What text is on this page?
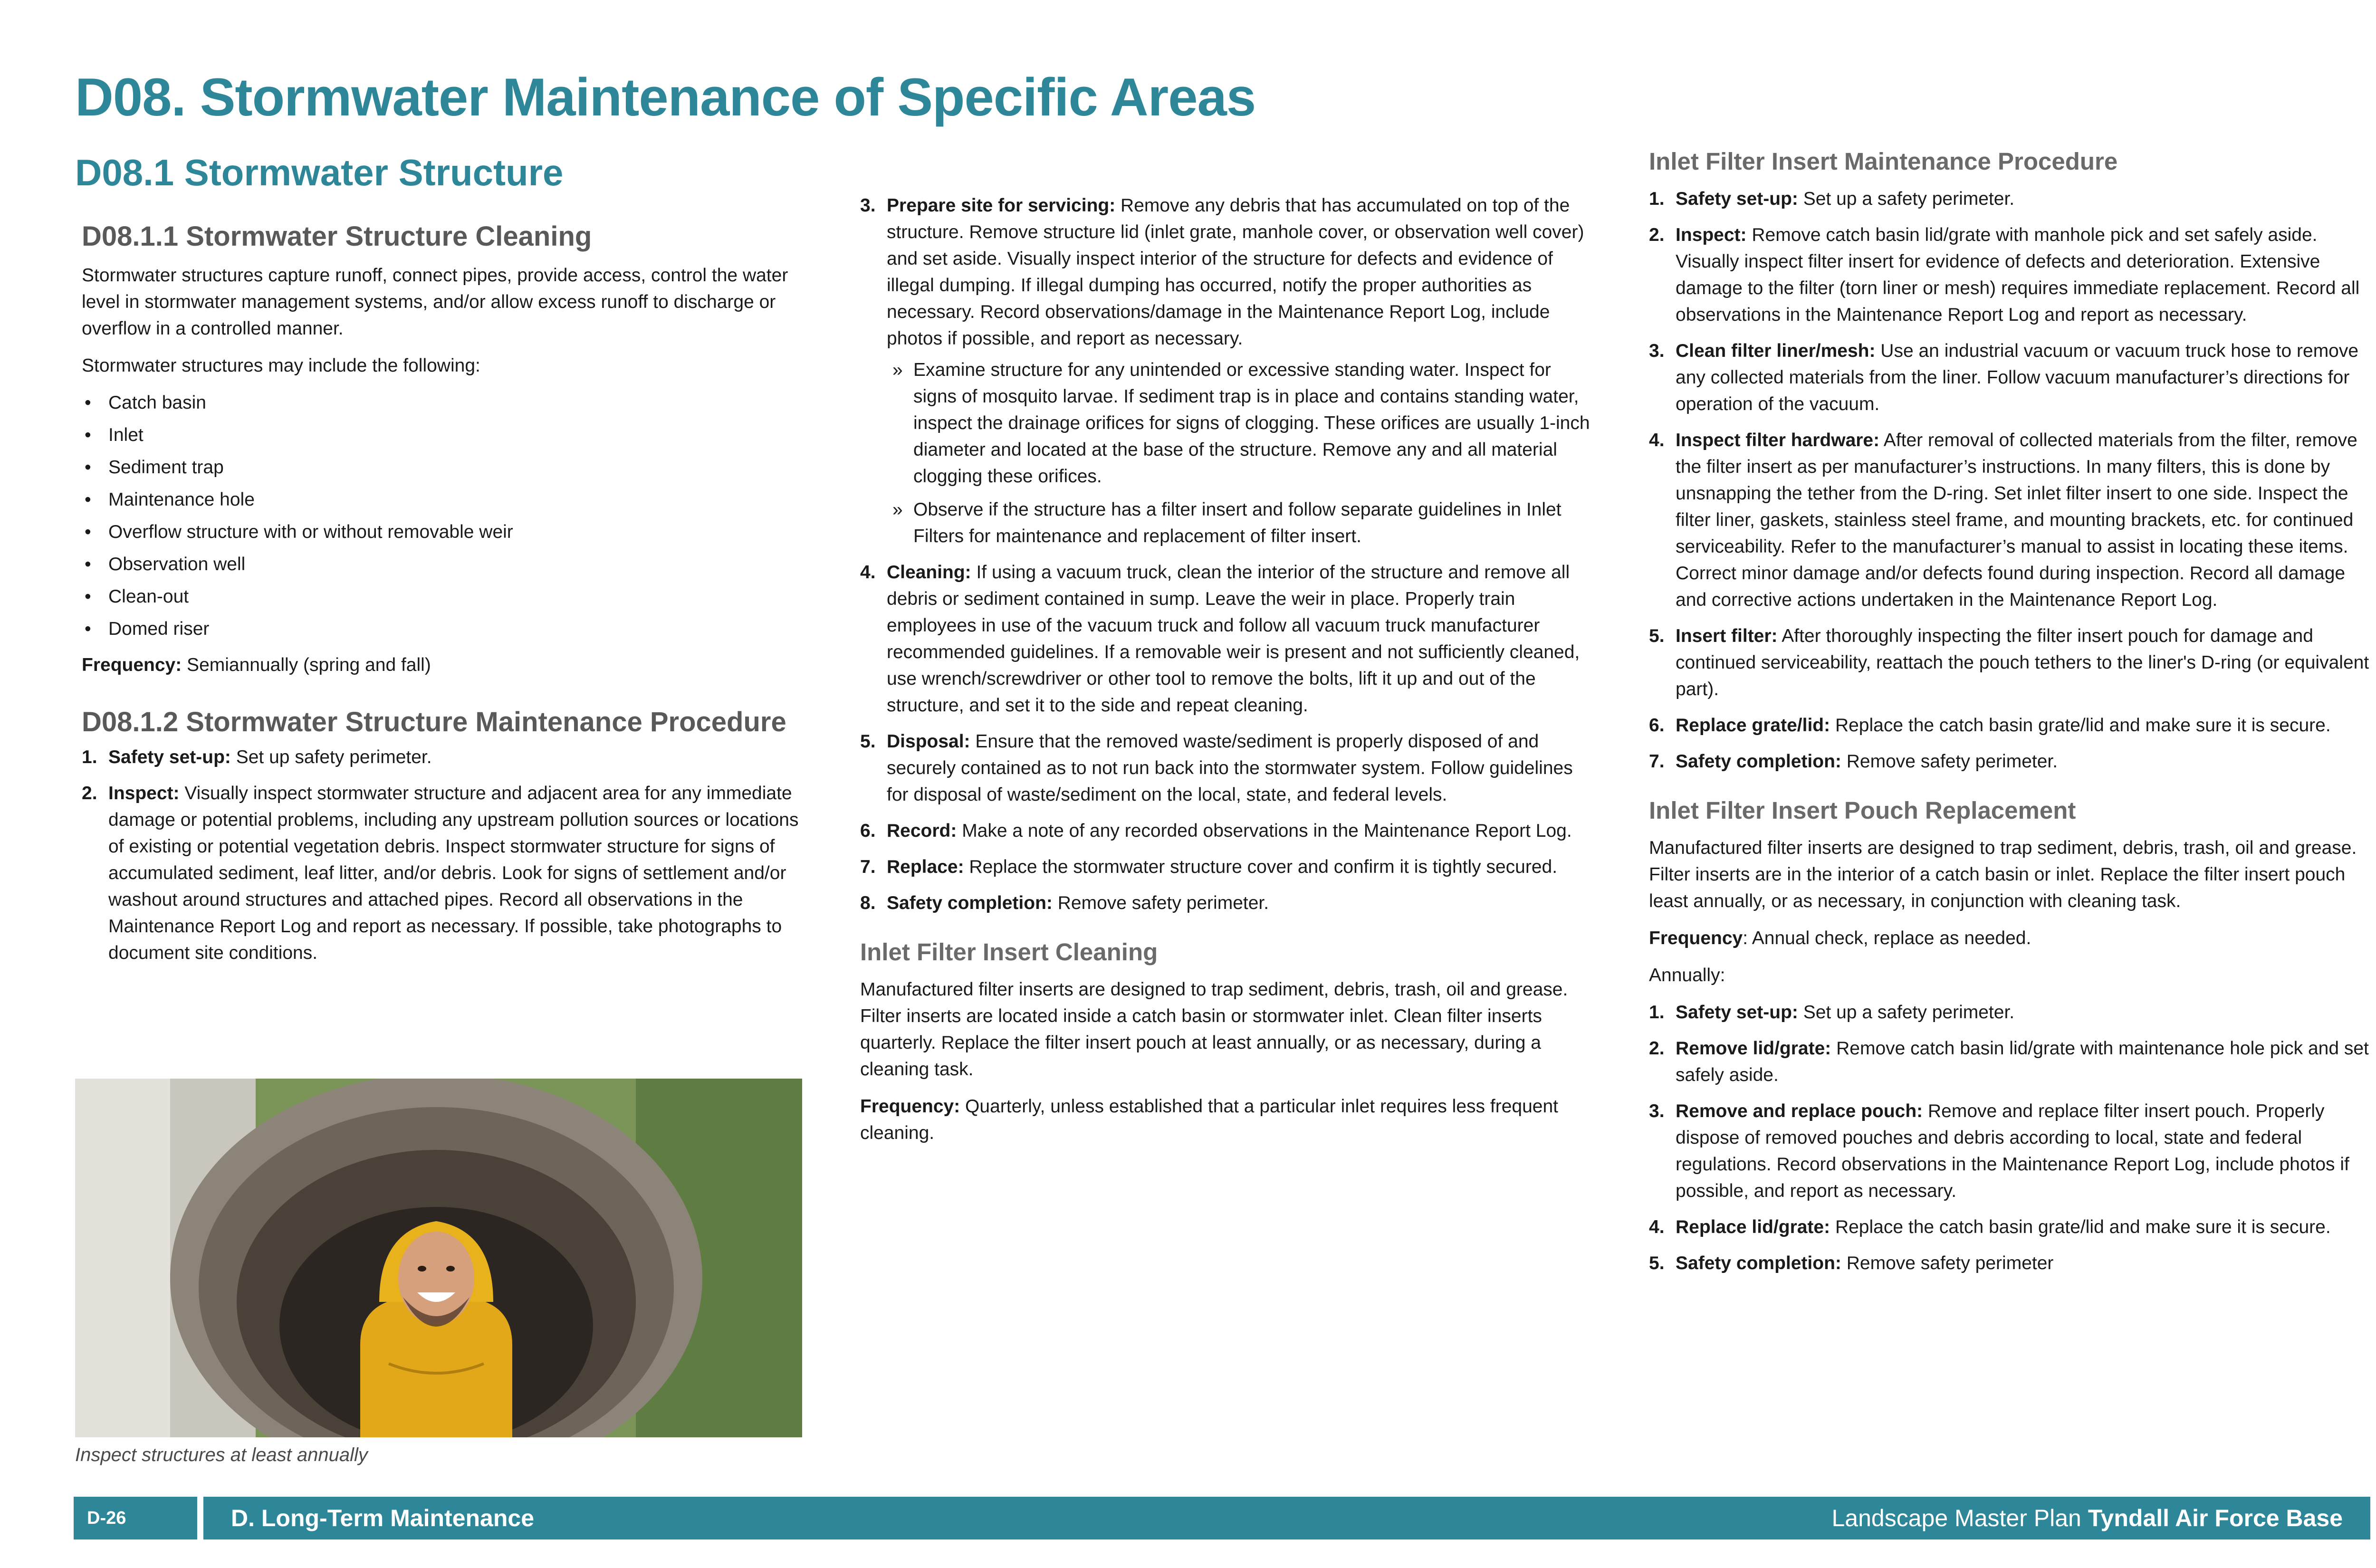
D08. Stormwater Maintenance of Specific Areas
D08.1 Stormwater Structure
D08.1.1 Stormwater Structure Cleaning

Stormwater structures capture runoff, connect pipes, provide access, control the water level in stormwater management systems, and/or allow excess runoff to discharge or overflow in a controlled manner.

Stormwater structures may include the following:

• Catch basin
• Inlet
• Sediment trap
• Maintenance hole
• Overflow structure with or without removable weir
• Observation well
• Clean-out
• Domed riser

Frequency: Semiannually (spring and fall)

D08.1.2 Stormwater Structure Maintenance Procedure
1. Safety set-up: Set up safety perimeter.
2. Inspect: Visually inspect stormwater structure and adjacent area for any immediate damage or potential problems, including any upstream pollution sources or locations of existing or potential vegetation debris. Inspect stormwater structure for signs of accumulated sediment, leaf litter, and/or debris. Look for signs of settlement and/or washout around structures and attached pipes. Record all observations in the Maintenance Report Log and report as necessary. If possible, take photographs to document site conditions.
Inspect structures at least annually
3. Prepare site for servicing: Remove any debris that has accumulated on top of the structure. Remove structure lid (inlet grate, manhole cover, or observation well cover) and set aside. Visually inspect interior of the structure for defects and evidence of illegal dumping. If illegal dumping has occurred, notify the proper authorities as necessary. Record observations/damage in the Maintenance Report Log, include photos if possible, and report as necessary.
» Examine structure for any unintended or excessive standing water. Inspect for signs of mosquito larvae. If sediment trap is in place and contains standing water, inspect the drainage orifices for signs of clogging. These orifices are usually 1-inch diameter and located at the base of the structure. Remove any and all material clogging these orifices.
» Observe if the structure has a filter insert and follow separate guidelines in Inlet Filters for maintenance and replacement of filter insert.
4. Cleaning: If using a vacuum truck, clean the interior of the structure and remove all debris or sediment contained in sump. Leave the weir in place. Properly train employees in use of the vacuum truck and follow all vacuum truck manufacturer recommended guidelines. If a removable weir is present and not sufficiently cleaned, use wrench/screwdriver or other tool to remove the bolts, lift it up and out of the structure, and set it to the side and repeat cleaning.
5. Disposal: Ensure that the removed waste/sediment is properly disposed of and securely contained as to not run back into the stormwater system. Follow guidelines for disposal of waste/sediment on the local, state, and federal levels.
6. Record: Make a note of any recorded observations in the Maintenance Report Log.
7. Replace: Replace the stormwater structure cover and confirm it is tightly secured.
8. Safety completion: Remove safety perimeter.
Inlet Filter Insert Cleaning

Manufactured filter inserts are designed to trap sediment, debris, trash, oil and grease. Filter inserts are located inside a catch basin or stormwater inlet. Clean filter inserts quarterly. Replace the filter insert pouch at least annually, or as necessary, during a cleaning task.

Frequency: Quarterly, unless established that a particular inlet requires less frequent cleaning.

Inlet Filter Insert Maintenance Procedure
1. Safety set-up: Set up a safety perimeter.
2. Inspect: Remove catch basin lid/grate with manhole pick and set safely aside. Visually inspect filter insert for evidence of defects and deterioration. Extensive damage to the filter (torn liner or mesh) requires immediate replacement. Record all observations in the Maintenance Report Log and report as necessary.
3. Clean filter liner/mesh: Use an industrial vacuum or vacuum truck hose to remove any collected materials from the liner. Follow vacuum manufacturer’s directions for operation of the vacuum.
4. Inspect filter hardware: After removal of collected materials from the filter, remove the filter insert as per manufacturer’s instructions. In many filters, this is done by unsnapping the tether from the D-ring. Set inlet filter insert to one side. Inspect the filter liner, gaskets, stainless steel frame, and mounting brackets, etc. for continued serviceability. Refer to the manufacturer’s manual to assist in locating these items. Correct minor damage and/or defects found during inspection. Record all damage and corrective actions undertaken in the Maintenance Report Log.
5. Insert filter: After thoroughly inspecting the filter insert pouch for damage and continued serviceability, reattach the pouch tethers to the liner's D-ring (or equivalent part).
6. Replace grate/lid: Replace the catch basin grate/lid and make sure it is secure.
7. Safety completion: Remove safety perimeter.
Inlet Filter Insert Pouch Replacement

Manufactured filter inserts are designed to trap sediment, debris, trash, oil and grease. Filter inserts are in the interior of a catch basin or inlet. Replace the filter insert pouch least annually, or as necessary, in conjunction with cleaning task.

Frequency: Annual check, replace as needed.

Annually:

1. Safety set-up: Set up a safety perimeter.
2. Remove lid/grate: Remove catch basin lid/grate with maintenance hole pick and set safely aside.
3. Remove and replace pouch: Remove and replace filter insert pouch. Properly dispose of removed pouches and debris according to local, state and federal regulations. Record observations in the Maintenance Report Log, include photos if possible, and report as necessary.
4. Replace lid/grate: Replace the catch basin grate/lid and make sure it is secure.
5. Safety completion: Remove safety perimeter
D-26	D. Long-Term Maintenance	Landscape Master Plan Tyndall Air Force Base
